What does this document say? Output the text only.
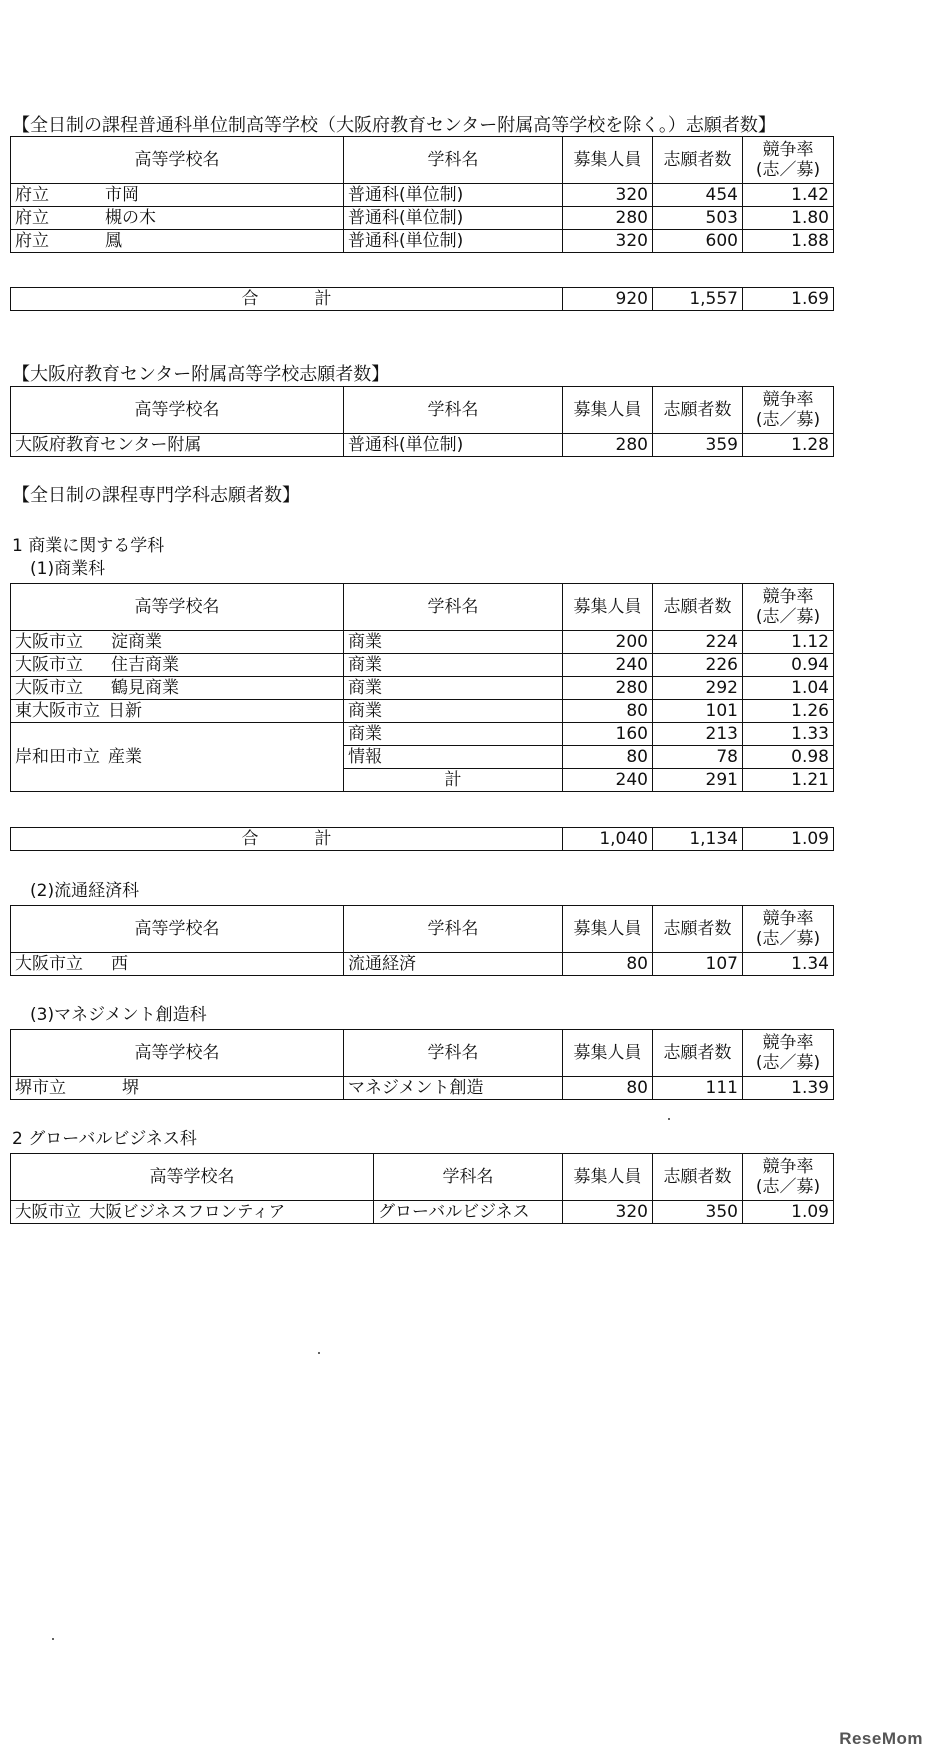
【全日制の課程普通科単位制高等学校（大阪府教育センター附属高等学校を除く。）志願者数】
高等学校名	学科名	募集人員	志願者数	競争率
(志／募)
府立 市岡	普通科(単位制)	320	454	1.42
府立 槻の木	普通科(単位制)	280	503	1.80
府立 鳳	普通科(単位制)	320	600	1.88
合	計	920	1,557	1.69
【大阪府教育センター附属高等学校志願者数】
高等学校名	学科名	募集人員	志願者数	競争率
(志／募)
大阪府教育センター附属	普通科(単位制)	280	359	1.28
【全日制の課程専門学科志願者数】
1 商業に関する学科
(1)商業科
高等学校名	学科名	募集人員	志願者数	競争率
(志／募)
大阪市立 淀商業	商業	200	224	1.12
大阪市立 住吉商業	商業	240	226	0.94
大阪市立 鶴見商業	商業	280	292	1.04
東大阪市立 日新	商業	80	101	1.26
岸和田市立 産業	商業	160	213	1.33
	情報	80	78	0.98
	計	240	291	1.21
合	計	1,040	1,134	1.09
(2)流通経済科
高等学校名	学科名	募集人員	志願者数	競争率
(志／募)
大阪市立 西	流通経済	80	107	1.34
(3)マネジメント創造科
高等学校名	学科名	募集人員	志願者数	競争率
(志／募)
堺市立 堺	マネジメント創造	80	111	1.39
2 グローバルビジネス科
高等学校名	学科名	募集人員	志願者数	競争率
(志／募)
大阪市立 大阪ビジネスフロンティア	グローバルビジネス	320	350	1.09
ReseMom
